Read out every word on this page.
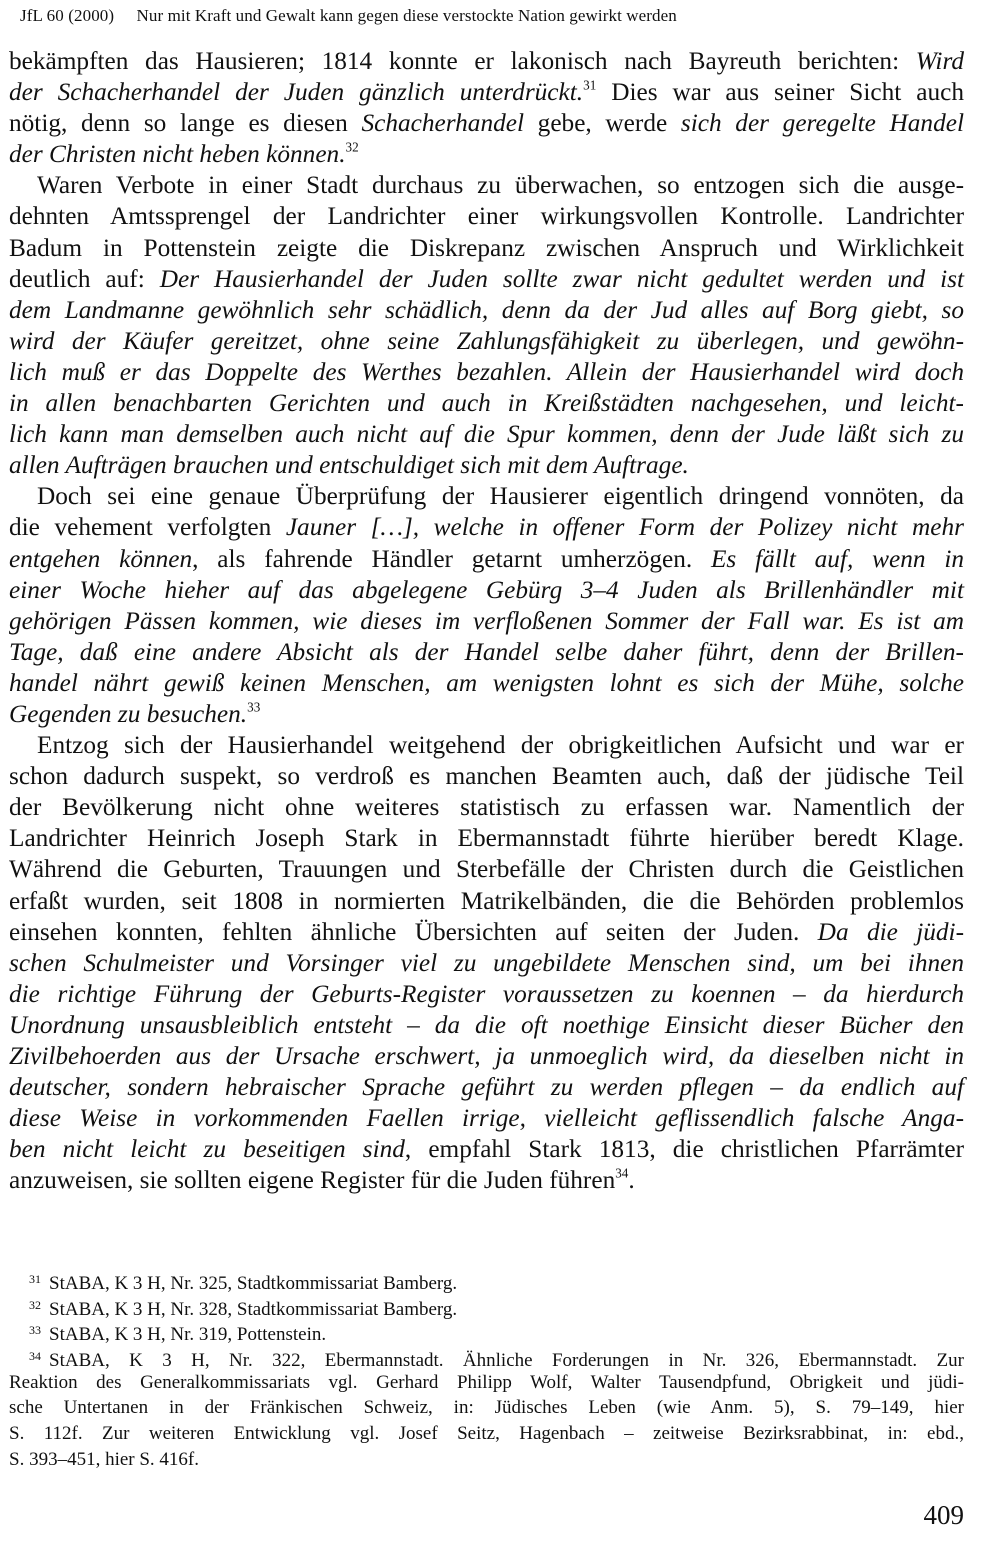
JfL 60 (2000) Nur mit Kraft und Gewalt kann gegen diese verstockte Nation gewirkt werden
bekämpften das Hausieren; 1814 konnte er lakonisch nach Bayreuth berichten: Wird
der Schacherhandel der Juden gänzlich unterdrückt.$^{31}$ Dies war aus seiner Sicht auch
nötig, denn so lange es diesen Schacherhandel gebe, werde sich der geregelte Handel
der Christen nicht heben können.$^{32}$
Waren Verbote in einer Stadt durchaus zu überwachen, so entzogen sich die ausge-
dehnten Amtssprengel der Landrichter einer wirkungsvollen Kontrolle. Landrichter
Badum in Pottenstein zeigte die Diskrepanz zwischen Anspruch und Wirklichkeit
deutlich auf: Der Hausierhandel der Juden sollte zwar nicht gedultet werden und ist
dem Landmanne gewöhnlich sehr schädlich, denn da der Jud alles auf Borg giebt, so
wird der Käufer gereitzet, ohne seine Zahlungsfähigkeit zu überlegen, und gewöhn-
lich muß er das Doppelte des Werthes bezahlen. Allein der Hausierhandel wird doch
in allen benachbarten Gerichten und auch in Kreißstädten nachgesehen, und leicht-
lich kann man demselben auch nicht auf die Spur kommen, denn der Jude läßt sich zu
allen Aufträgen brauchen und entschuldiget sich mit dem Auftrage.
Doch sei eine genaue Überprüfung der Hausierer eigentlich dringend vonnöten, da
die vehement verfolgten Jauner […], welche in offener Form der Polizey nicht mehr
entgehen können, als fahrende Händler getarnt umherzögen. Es fällt auf, wenn in
einer Woche hieher auf das abgelegene Gebürg 3–4 Juden als Brillenhändler mit
gehörigen Pässen kommen, wie dieses im verfloßenen Sommer der Fall war. Es ist am
Tage, daß eine andere Absicht als der Handel selbe daher führt, denn der Brillen-
handel nährt gewiß keinen Menschen, am wenigsten lohnt es sich der Mühe, solche
Gegenden zu besuchen.$^{33}$
Entzog sich der Hausierhandel weitgehend der obrigkeitlichen Aufsicht und war er
schon dadurch suspekt, so verdroß es manchen Beamten auch, daß der jüdische Teil
der Bevölkerung nicht ohne weiteres statistisch zu erfassen war. Namentlich der
Landrichter Heinrich Joseph Stark in Ebermannstadt führte hierüber beredt Klage.
Während die Geburten, Trauungen und Sterbefälle der Christen durch die Geistlichen
erfaßt wurden, seit 1808 in normierten Matrikelbänden, die die Behörden problemlos
einsehen konnten, fehlten ähnliche Übersichten auf seiten der Juden. Da die jüdi-
schen Schulmeister und Vorsinger viel zu ungebildete Menschen sind, um bei ihnen
die richtige Führung der Geburts-Register voraussetzen zu koennen – da hierdurch
Unordnung unsausbleiblich entsteht – da die oft noethige Einsicht dieser Bücher den
Zivilbehoerden aus der Ursache erschwert, ja unmoeglich wird, da dieselben nicht in
deutscher, sondern hebraischer Sprache geführt zu werden pflegen – da endlich auf
diese Weise in vorkommenden Faellen irrige, vielleicht geflissendlich falsche Anga-
ben nicht leicht zu beseitigen sind, empfahl Stark 1813, die christlichen Pfarrämter
anzuweisen, sie sollten eigene Register für die Juden führen$^{34}$.
$^{31}$ StABA, K 3 H, Nr. 325, Stadtkommissariat Bamberg.
$^{32}$ StABA, K 3 H, Nr. 328, Stadtkommissariat Bamberg.
$^{33}$ StABA, K 3 H, Nr. 319, Pottenstein.
$^{34}$ StABA, K 3 H, Nr. 322, Ebermannstadt. Ähnliche Forderungen in Nr. 326, Ebermannstadt. Zur
Reaktion des Generalkommissariats vgl. Gerhard Philipp Wolf, Walter Tausendpfund, Obrigkeit und jüdi-
sche Untertanen in der Fränkischen Schweiz, in: Jüdisches Leben (wie Anm. 5), S. 79–149, hier
S. 112f. Zur weiteren Entwicklung vgl. Josef Seitz, Hagenbach – zeitweise Bezirksrabbinat, in: ebd.,
S. 393–451, hier S. 416f.
409
